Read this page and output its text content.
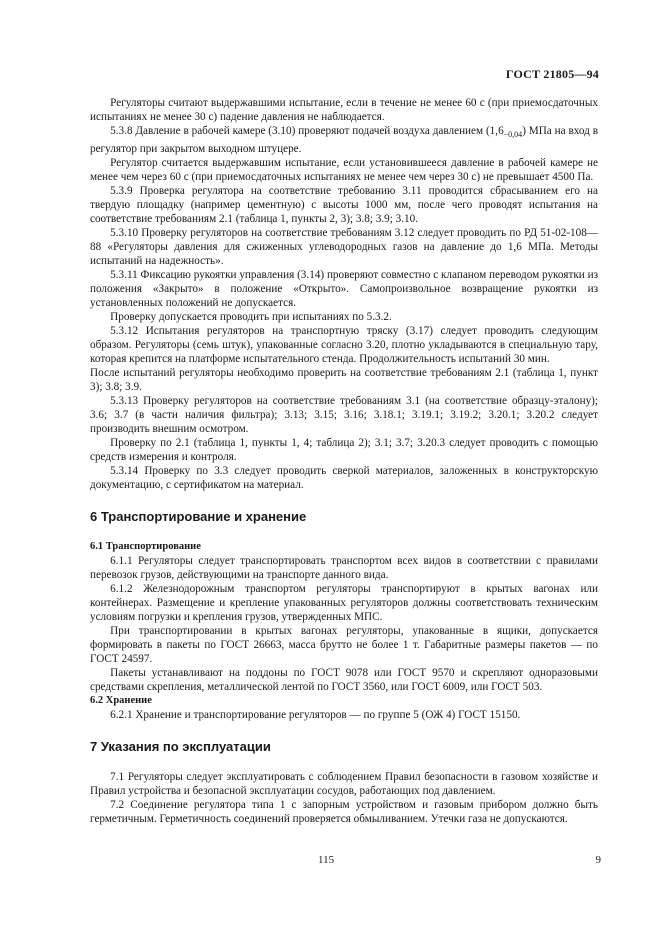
ГОСТ 21805—94

Регуляторы считают выдержавшими испытание, если в течение не менее 60 с (при приемосдаточных испытаниях не менее 30 с) падение давления не наблюдается.

5.3.8 Давление в рабочей камере (3.10) проверяют подачей воздуха давлением $(1,6_{-0,04})$ МПа на вход в регулятор при закрытом выходном штуцере.

Регулятор считается выдержавшим испытание, если установившееся давление в рабочей камере не менее чем через 60 с (при приемосдаточных испытаниях не менее чем через 30 с) не превышает 4500 Па.

5.3.9 Проверка регулятора на соответствие требованию 3.11 проводится сбрасыванием его на твердую площадку (например цементную) с высоты 1000 мм, после чего проводят испытания на соответствие требованиям 2.1 (таблица 1, пункты 2, 3); 3.8; 3.9; 3.10.

5.3.10 Проверку регуляторов на соответствие требованиям 3.12 следует проводить по РД 51-02-108—88 «Регуляторы давления для сжиженных углеводородных газов на давление до 1,6 МПа. Методы испытаний на надежность».

5.3.11 Фиксацию рукоятки управления (3.14) проверяют совместно с клапаном переводом рукоятки из положения «Закрыто» в положение «Открыто». Самопроизвольное возвращение рукоятки из установленных положений не допускается.

Проверку допускается проводить при испытаниях по 5.3.2.

5.3.12 Испытания регуляторов на транспортную тряску (3.17) следует проводить следующим образом. Регуляторы (семь штук), упакованные согласно 3.20, плотно укладываются в специальную тару, которая крепится на платформе испытательного стенда. Продолжительность испытаний 30 мин.

После испытаний регуляторы необходимо проверить на соответствие требованиям 2.1 (таблица 1, пункт 3); 3.8; 3.9.

5.3.13 Проверку регуляторов на соответствие требованиям 3.1 (на соответствие образцу-эталону); 3.6; 3.7 (в части наличия фильтра); 3.13; 3.15; 3.16; 3.18.1; 3.19.1; 3.19.2; 3.20.1; 3.20.2 следует производить внешним осмотром.

Проверку по 2.1 (таблица 1, пункты 1, 4; таблица 2); 3.1; 3.7; 3.20.3 следует проводить с помощью средств измерения и контроля.

5.3.14 Проверку по 3.3 следует проводить сверкой материалов, заложенных в конструкторскую документацию, с сертификатом на материал.

6 Транспортирование и хранение

6.1 Транспортирование

6.1.1 Регуляторы следует транспортировать транспортом всех видов в соответствии с правилами перевозок грузов, действующими на транспорте данного вида.

6.1.2 Железнодорожным транспортом регуляторы транспортируют в крытых вагонах или контейнерах. Размещение и крепление упакованных регуляторов должны соответствовать техническим условиям погрузки и крепления грузов, утвержденных МПС.

При транспортировании в крытых вагонах регуляторы, упакованные в ящики, допускается формировать в пакеты по ГОСТ 26663, масса брутто не более 1 т. Габаритные размеры пакетов — по ГОСТ 24597.

Пакеты устанавливают на поддоны по ГОСТ 9078 или ГОСТ 9570 и скрепляют одноразовыми средствами скрепления, металлической лентой по ГОСТ 3560, или ГОСТ 6009, или ГОСТ 503.

6.2 Хранение

6.2.1 Хранение и транспортирование регуляторов — по группе 5 (ОЖ 4) ГОСТ 15150.

7 Указания по эксплуатации

7.1 Регуляторы следует эксплуатировать с соблюдением Правил безопасности в газовом хозяйстве и Правил устройства и безопасной эксплуатации сосудов, работающих под давлением.

7.2 Соединение регулятора типа 1 с запорным устройством и газовым прибором должно быть герметичным. Герметичность соединений проверяется обмыливанием. Утечки газа не допускаются.

115	9
